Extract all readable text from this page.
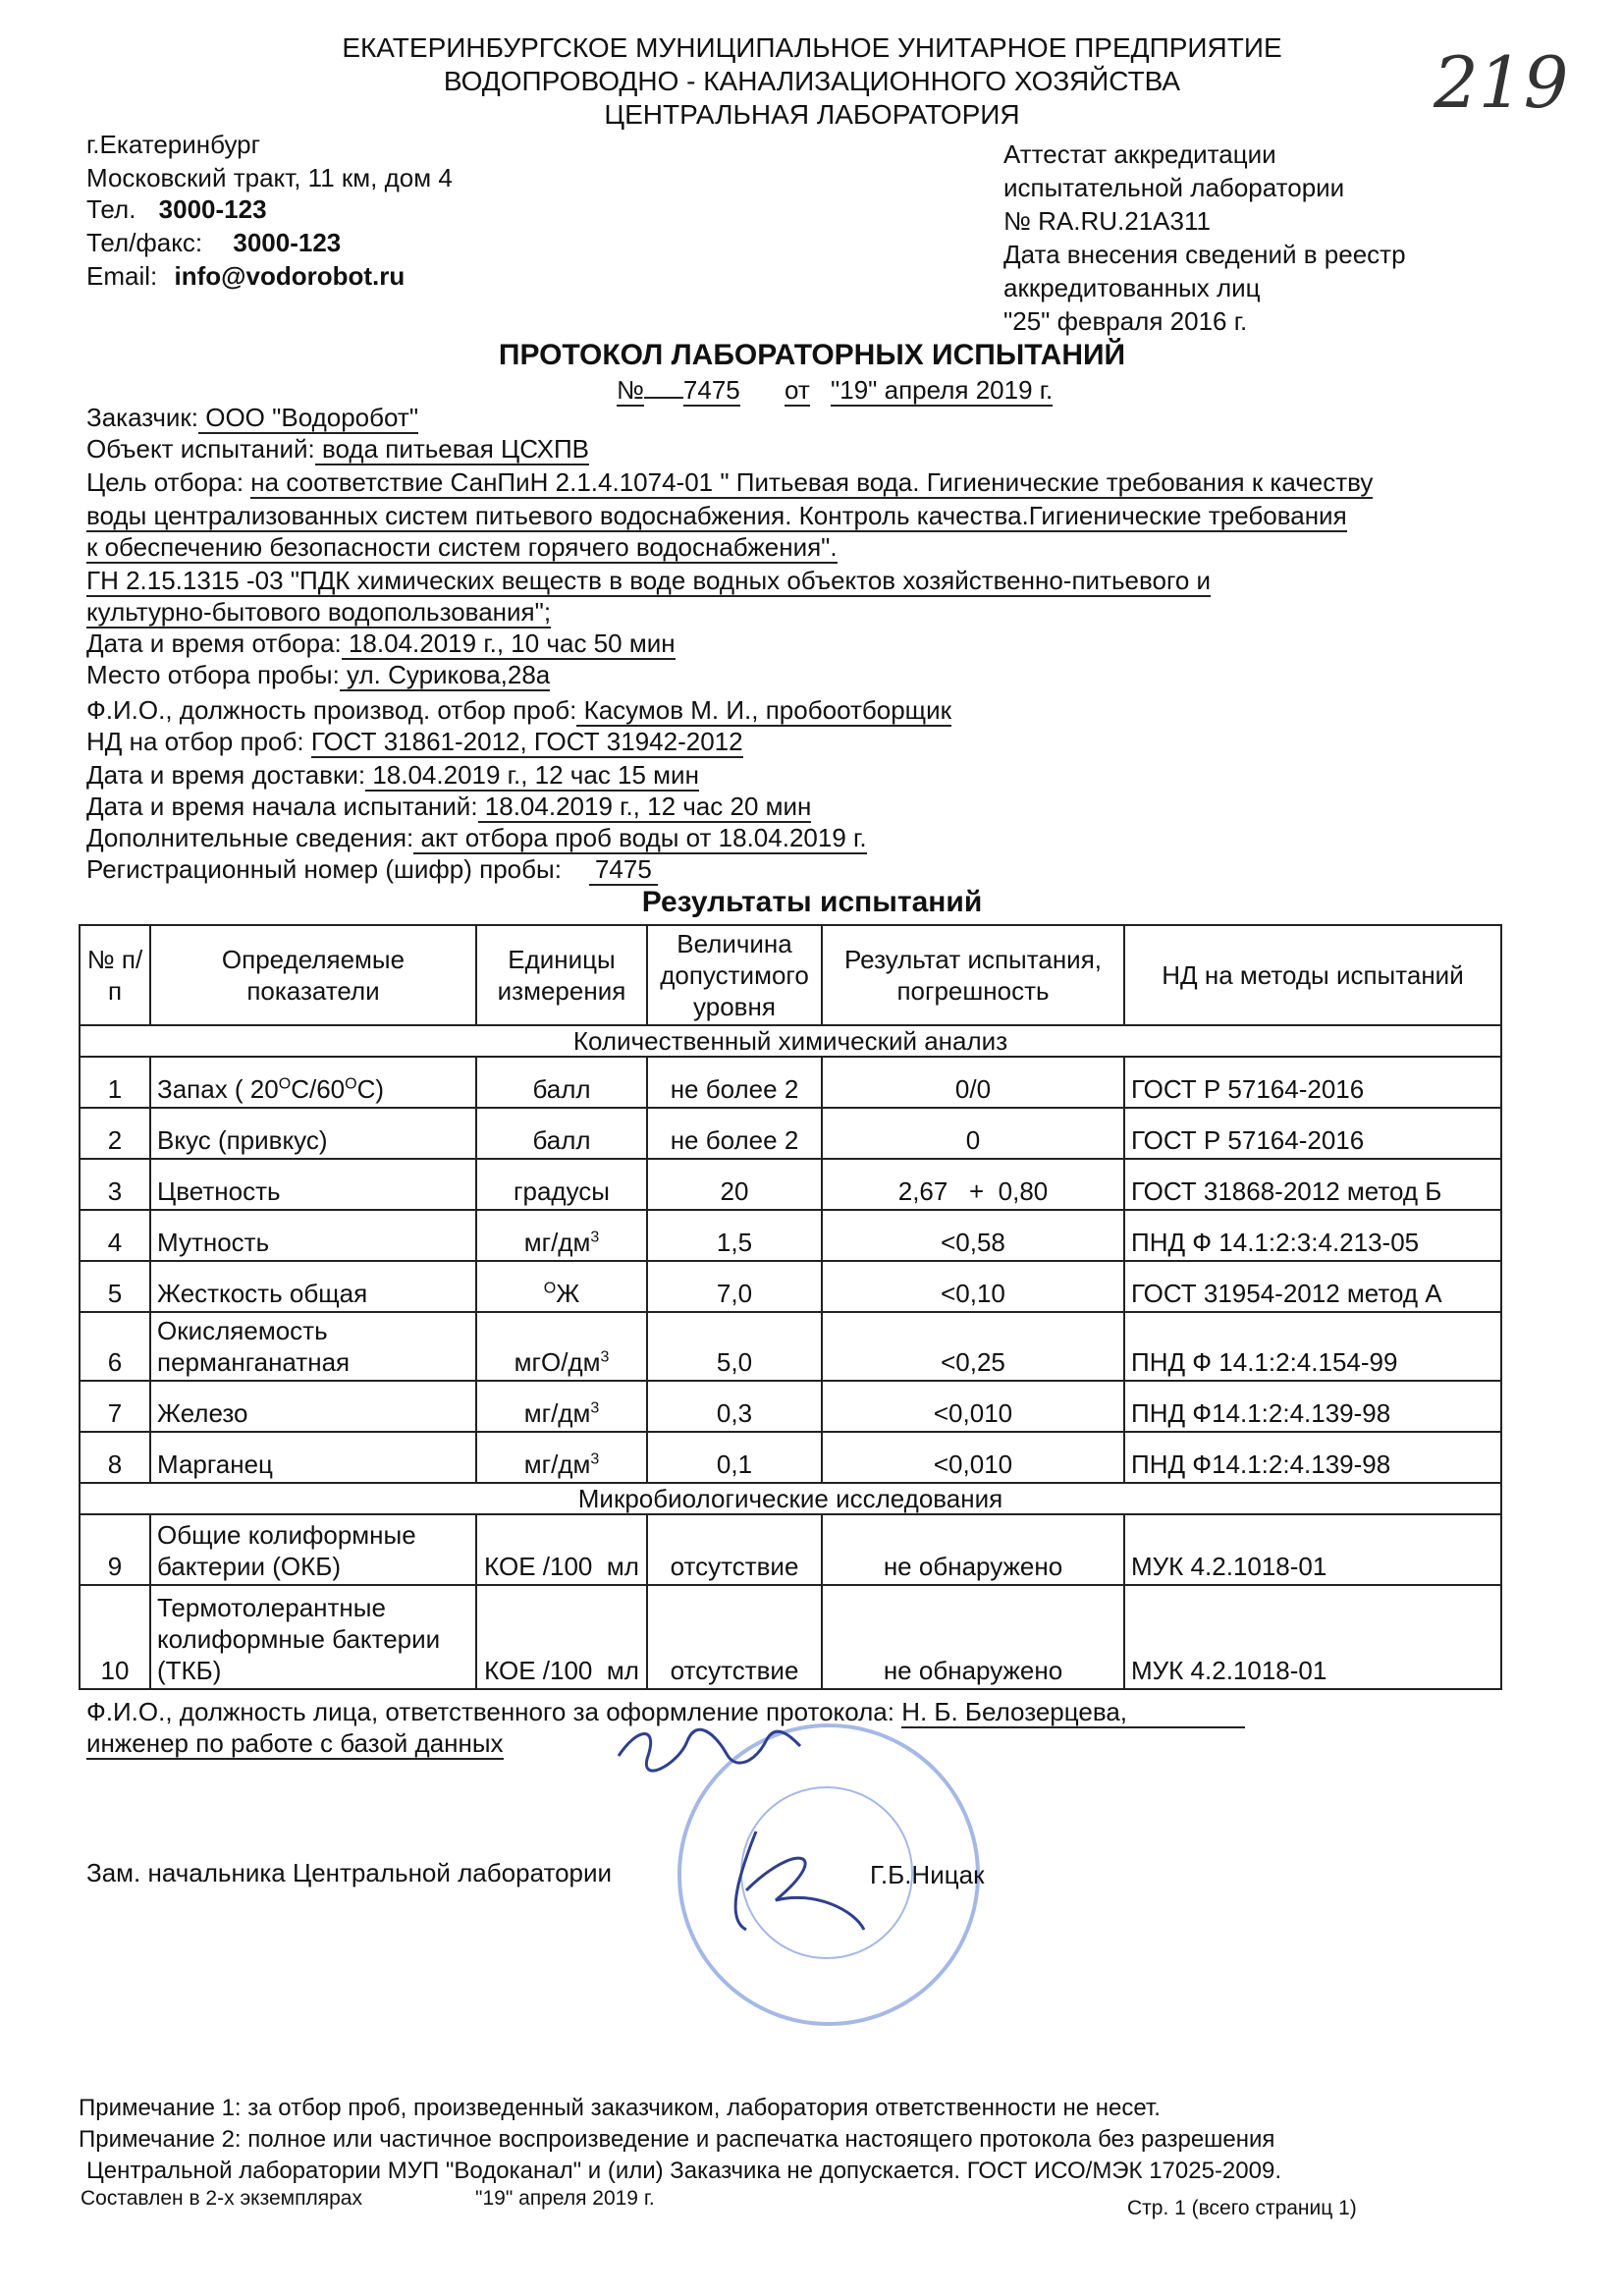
ЕКАТЕРИНБУРГСКОЕ МУНИЦИПАЛЬНОЕ УНИТАРНОЕ ПРЕДПРИЯТИЕ
ВОДОПРОВОДНО - КАНАЛИЗАЦИОННОГО ХОЗЯЙСТВА
ЦЕНТРАЛЬНАЯ ЛАБОРАТОРИЯ	219
г.Екатеринбург
Московский тракт, 11 км, дом 4
Тел. 3000-123
Тел/факс: 3000-123
Email: info@vodorobot.ru
Аттестат аккредитации
испытательной лаборатории
№ RA.RU.21A311
Дата внесения сведений в реестр
аккредитованных лиц
"25" февраля 2016 г.
ПРОТОКОЛ ЛАБОРАТОРНЫХ ИСПЫТАНИЙ
№ 7475 от "19" апреля 2019 г.
Заказчик: ООО "Водоробот"
Объект испытаний: вода питьевая ЦСХПВ
Цель отбора: на соответствие СанПиН 2.1.4.1074-01 " Питьевая вода. Гигиенические требования к качеству
воды централизованных систем питьевого водоснабжения. Контроль качества.Гигиенические требования
к обеспечению безопасности систем горячего водоснабжения".
ГН 2.15.1315 -03 "ПДК химических веществ в воде водных объектов хозяйственно-питьевого и
культурно-бытового водопользования";
Дата и время отбора: 18.04.2019 г., 10 час 50 мин
Место отбора пробы: ул. Сурикова,28а
Ф.И.О., должность производ. отбор проб: Касумов М. И., пробоотборщик
НД на отбор проб: ГОСТ 31861-2012, ГОСТ 31942-2012
Дата и время доставки: 18.04.2019 г., 12 час 15 мин
Дата и время начала испытаний: 18.04.2019 г., 12 час 20 мин
Дополнительные сведения: акт отбора проб воды от 18.04.2019 г.
Регистрационный номер (шифр) пробы: 7475
Результаты испытаний
№ п/п	Определяемые показатели	Единицы измерения	Величина допустимого уровня	Результат испытания, погрешность	НД на методы испытаний
Количественный химический анализ					
1	Запах ( $20^ОС/60^ОС$)	балл	не более 2	0/0	ГОСТ Р 57164-2016
2	Вкус (привкус)	балл	не более 2	0	ГОСТ Р 57164-2016
3	Цветность	градусы	20	2,67   +  0,80	ГОСТ 31868-2012 метод Б
4	Мутность	$мг/дм^3$	1,5	<0,58	ПНД Ф 14.1:2:3:4.213-05
5	Жесткость общая	$^О$Ж	7,0	<0,10	ГОСТ 31954-2012 метод А
6	Окисляемость перманганатная	мгО/$дм^3$	5,0	<0,25	ПНД Ф 14.1:2:4.154-99
7	Железо	$мг/дм^3$	0,3	<0,010	ПНД Ф14.1:2:4.139-98
8	Марганец	$мг/дм^3$	0,1	<0,010	ПНД Ф14.1:2:4.139-98
Микробиологические исследования					
9	Общие колиформные бактерии (ОКБ)	КОЕ /100  мл	отсутствие	не обнаружено	МУК 4.2.1018-01
10	Термотолерантные колиформные бактерии (ТКБ)	КОЕ /100  мл	отсутствие	не обнаружено	МУК 4.2.1018-01
Ф.И.О., должность лица, ответственного за оформление протокола: Н. Б. Белозерцева,
инженер по работе с базой данных
Зам. начальника Центральной лаборатории	Г.Б.Ницак
Примечание 1: за отбор проб, произведенный заказчиком, лаборатория ответственности не несет.
Примечание 2: полное или частичное воспроизведение и распечатка настоящего протокола без разрешения
Центральной лаборатории МУП "Водоканал" и (или) Заказчика не допускается. ГОСТ ИСО/МЭК 17025-2009.
Составлен в 2-х экземплярах	"19" апреля 2019 г.	Стр. 1 (всего страниц 1)
